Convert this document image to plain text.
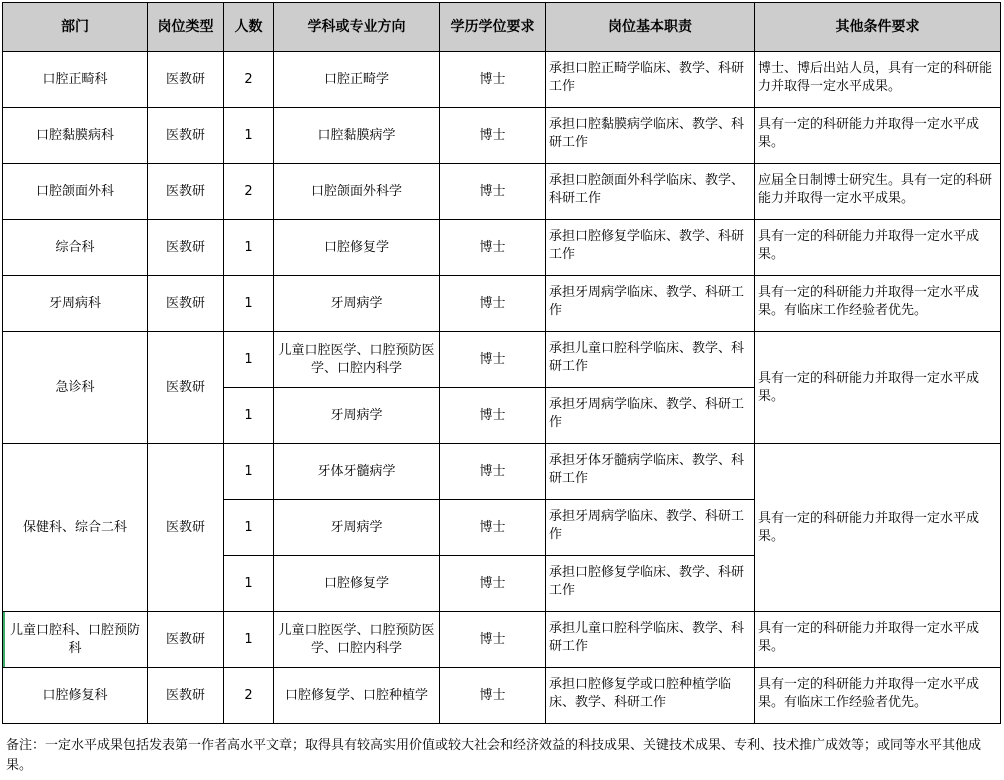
部门	岗位类型	人数	学科或专业方向	学历学位要求	岗位基本职责	其他条件要求
口腔正畸科	医教研	2	口腔正畸学	博士	承担口腔正畸学临床、教学、科研工作	博士、博后出站人员，具有一定的科研能力并取得一定水平成果。
口腔黏膜病科	医教研	1	口腔黏膜病学	博士	承担口腔黏膜病学临床、教学、科研工作	具有一定的科研能力并取得一定水平成果。
口腔颌面外科	医教研	2	口腔颌面外科学	博士	承担口腔颌面外科学临床、教学、科研工作	应届全日制博士研究生。具有一定的科研能力并取得一定水平成果。
综合科	医教研	1	口腔修复学	博士	承担口腔修复学临床、教学、科研工作	具有一定的科研能力并取得一定水平成果。
牙周病科	医教研	1	牙周病学	博士	承担牙周病学临床、教学、科研工作	具有一定的科研能力并取得一定水平成果。有临床工作经验者优先。
急诊科	医教研	1	儿童口腔医学、口腔预防医学、口腔内科学	博士	承担儿童口腔科学临床、教学、科研工作	具有一定的科研能力并取得一定水平成果。
		1	牙周病学	博士	承担牙周病学临床、教学、科研工作	
保健科、综合二科	医教研	1	牙体牙髓病学	博士	承担牙体牙髓病学临床、教学、科研工作	具有一定的科研能力并取得一定水平成果。
		1	牙周病学	博士	承担牙周病学临床、教学、科研工作	
		1	口腔修复学	博士	承担口腔修复学临床、教学、科研工作	
儿童口腔科、口腔预防科	医教研	1	儿童口腔医学、口腔预防医学、口腔内科学	博士	承担儿童口腔科学临床、教学、科研工作	具有一定的科研能力并取得一定水平成果。
口腔修复科	医教研	2	口腔修复学、口腔种植学	博士	承担口腔修复学或口腔种植学临床、教学、科研工作	具有一定的科研能力并取得一定水平成果。有临床工作经验者优先。
备注：一定水平成果包括发表第一作者高水平文章；取得具有较高实用价值或较大社会和经济效益的科技成果、关键技术成果、专利、技术推广成效等；或同等水平其他成果。
